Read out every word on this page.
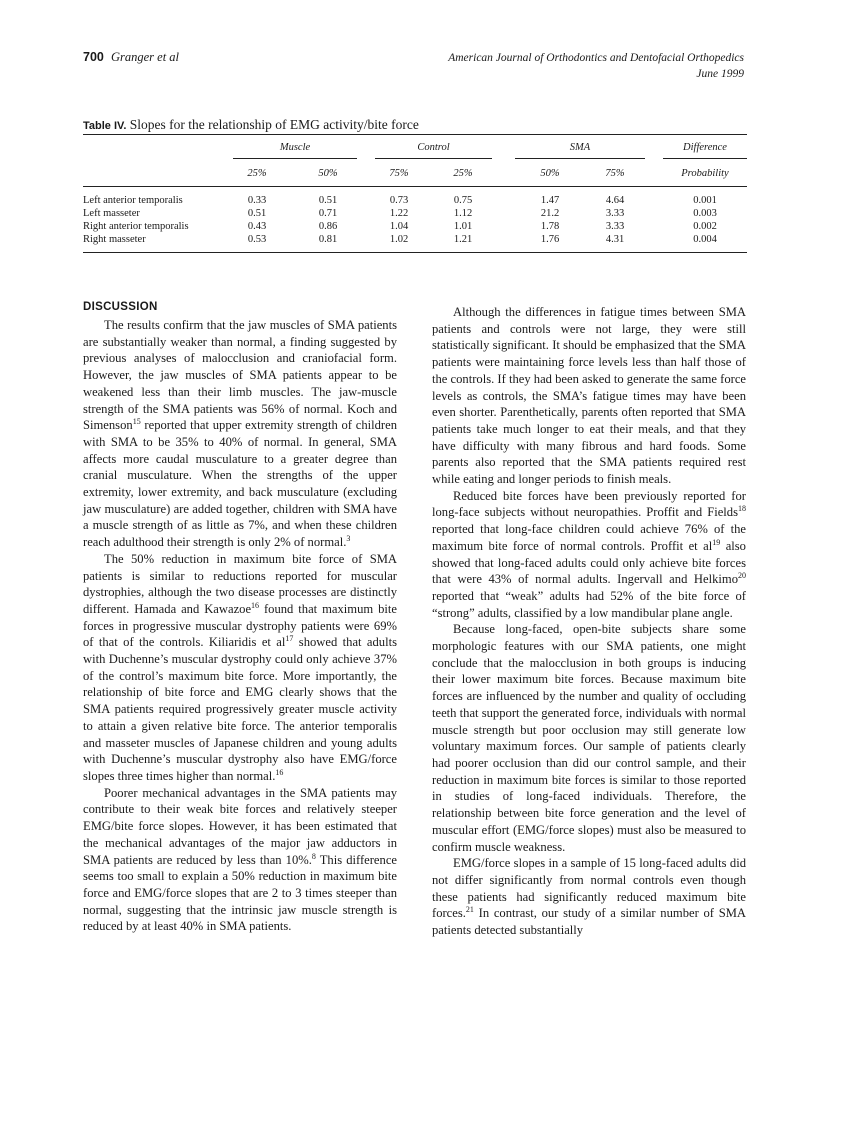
700 Granger et al	American Journal of Orthodontics and Dentofacial Orthopedics
June 1999
Table IV. Slopes for the relationship of EMG activity/bite force
Muscle	Control	SMA	Difference
25%	50%	75%	25%	50%	75%	Probability
Left anterior temporalis	0.33	0.51	0.73	0.75	1.47	4.64	0.001
Left masseter	0.51	0.71	1.22	1.12	21.2	3.33	0.003
Right anterior temporalis	0.43	0.86	1.04	1.01	1.78	3.33	0.002
Right masseter	0.53	0.81	1.02	1.21	1.76	4.31	0.004
DISCUSSION

The results confirm that the jaw muscles of SMA patients are substantially weaker than normal, a finding suggested by previous analyses of malocclusion and craniofacial form. However, the jaw muscles of SMA patients appear to be weakened less than their limb muscles. The jaw-muscle strength of the SMA patients was 56% of normal. Koch and Simenson$^{15}$ reported that upper extremity strength of children with SMA to be 35% to 40% of normal. In general, SMA affects more caudal musculature to a greater degree than cranial musculature. When the strengths of the upper extremity, lower extremity, and back musculature (excluding jaw musculature) are added together, children with SMA have a muscle strength of as little as 7%, and when these children reach adulthood their strength is only 2% of normal.$^3$

The 50% reduction in maximum bite force of SMA patients is similar to reductions reported for muscular dystrophies, although the two disease processes are distinctly different. Hamada and Kawazoe$^{16}$ found that maximum bite forces in progressive muscular dystrophy patients were 69% of that of the controls. Kiliaridis et $al^{17}$ showed that adults with Duchenne’s muscular dystrophy could only achieve 37% of the control’s maximum bite force. More importantly, the relationship of bite force and EMG clearly shows that the SMA patients required progressively greater muscle activity to attain a given relative bite force. The anterior temporalis and masseter muscles of Japanese children and young adults with Duchenne’s muscular dystrophy also have EMG/force slopes three times higher than normal.$^{16}$

Poorer mechanical advantages in the SMA patients may contribute to their weak bite forces and relatively steeper EMG/bite force slopes. However, it has been estimated that the mechanical advantages of the major jaw adductors in SMA patients are reduced by less than 10%.$^8$ This difference seems too small to explain a 50% reduction in maximum bite force and EMG/force slopes that are 2 to 3 times steeper than normal, suggesting that the intrinsic jaw muscle strength is reduced by at least 40% in SMA patients.

Although the differences in fatigue times between SMA patients and controls were not large, they were still statistically significant. It should be emphasized that the SMA patients were maintaining force levels less than half those of the controls. If they had been asked to generate the same force levels as controls, the SMA’s fatigue times may have been even shorter. Parenthetically, parents often reported that SMA patients take much longer to eat their meals, and that they have difficulty with many fibrous and hard foods. Some parents also reported that the SMA patients required rest while eating and longer periods to finish meals.

Reduced bite forces have been previously reported for long-face subjects without neuropathies. Proffit and Fields$^{18}$ reported that long-face children could achieve 76% of the maximum bite force of normal controls. Proffit et $al^{19}$ also showed that long-faced adults could only achieve bite forces that were 43% of normal adults. Ingervall and Helkimo$^{20}$ reported that “weak” adults had 52% of the bite force of “strong” adults, classified by a low mandibular plane angle.

Because long-faced, open-bite subjects share some morphologic features with our SMA patients, one might conclude that the malocclusion in both groups is inducing their lower maximum bite forces. Because maximum bite forces are influenced by the number and quality of occluding teeth that support the generated force, individuals with normal muscle strength but poor occlusion may still generate low voluntary maximum forces. Our sample of patients clearly had poorer occlusion than did our control sample, and their reduction in maximum bite forces is similar to those reported in studies of long-faced individuals. Therefore, the relationship between bite force generation and the level of muscular effort (EMG/force slopes) must also be measured to confirm muscle weakness.

EMG/force slopes in a sample of 15 long-faced adults did not differ significantly from normal controls even though these patients had significantly reduced maximum bite forces.$^{21}$ In contrast, our study of a similar number of SMA patients detected substantially
